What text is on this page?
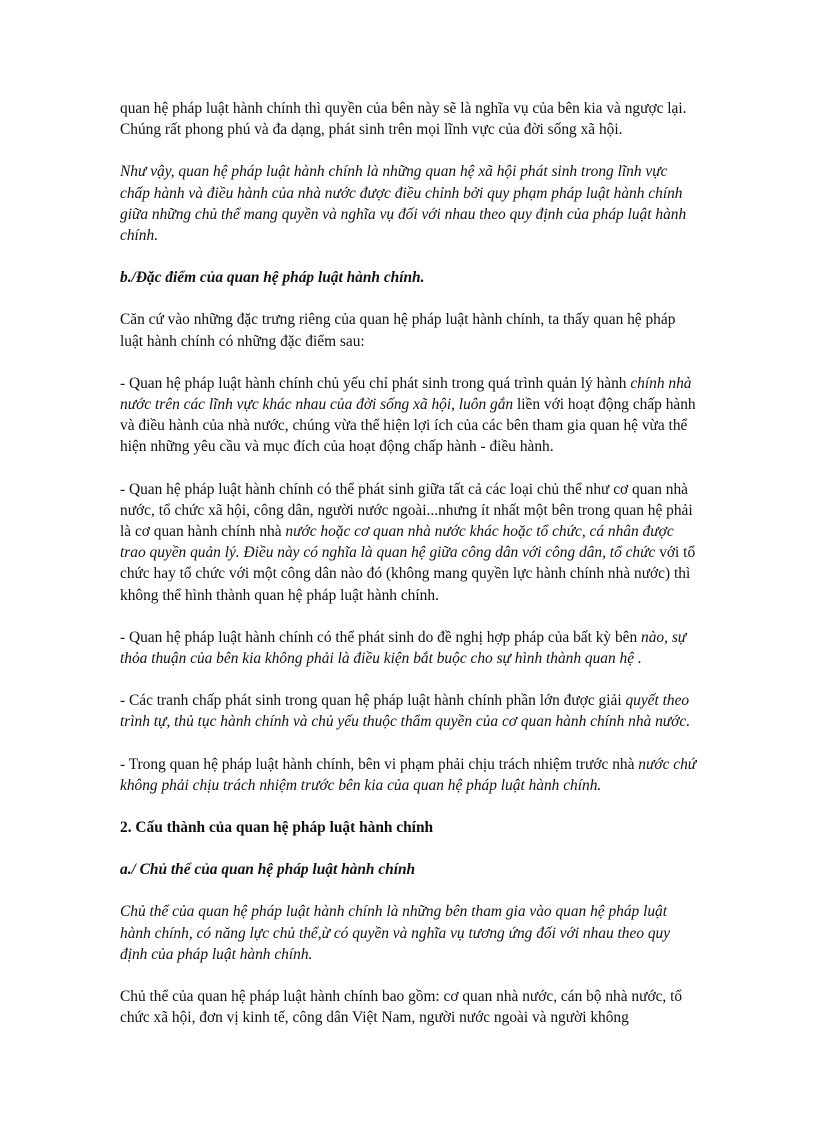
quan hệ pháp luật hành chính thì quyền của bên này sẽ là nghĩa vụ của bên kia và ngược lại. Chúng rất phong phú và đa dạng, phát sinh trên mọi lĩnh vực của đời sống xã hội.

Như vậy, quan hệ pháp luật hành chính là những quan hệ xã hội phát sinh trong lĩnh vực chấp hành và điều hành của nhà nước được điều chỉnh bởi quy phạm pháp luật hành chính giữa những chủ thể mang quyền và nghĩa vụ đối với nhau theo quy định của pháp luật hành chính.

b./Đặc điểm của quan hệ pháp luật hành chính.

Căn cứ vào những đặc trưng riêng của quan hệ pháp luật hành chính, ta thấy quan hệ pháp luật hành chính có những đặc điểm sau:

- Quan hệ pháp luật hành chính chủ yếu chỉ phát sinh trong quá trình quản lý hành chính nhà nước trên các lĩnh vực khác nhau của đời sống xã hội, luôn gắn liền với hoạt động chấp hành và điều hành của nhà nước, chúng vừa thể hiện lợi ích của các bên tham gia quan hệ vừa thể hiện những yêu cầu và mục đích của hoạt động chấp hành - điều hành.

- Quan hệ pháp luật hành chính có thể phát sinh giữa tất cả các loại chủ thể như cơ quan nhà nước, tổ chức xã hội, công dân, người nước ngoài...nhưng ít nhất một bên trong quan hệ phải là cơ quan hành chính nhà nước hoặc cơ quan nhà nước khác hoặc tổ chức, cá nhân được trao quyền quản lý. Điều này có nghĩa là quan hệ giữa công dân với công dân, tổ chức với tổ chức hay tổ chức với một công dân nào đó (không mang quyền lực hành chính nhà nước) thì không thể hình thành quan hệ pháp luật hành chính.

- Quan hệ pháp luật hành chính có thể phát sinh do đề nghị hợp pháp của bất kỳ bên nào, sự thỏa thuận của bên kia không phải là điều kiện bắt buộc cho sự hình thành quan hệ .

- Các tranh chấp phát sinh trong quan hệ pháp luật hành chính phần lớn được giải quyết theo trình tự, thủ tục hành chính và chủ yếu thuộc thẩm quyền của cơ quan hành chính nhà nước.

- Trong quan hệ pháp luật hành chính, bên vi phạm phải chịu trách nhiệm trước nhà nước chứ không phải chịu trách nhiệm trước bên kia của quan hệ pháp luật hành chính.

2. Cấu thành của quan hệ pháp luật hành chính

a./ Chủ thể của quan hệ pháp luật hành chính

Chủ thể của quan hệ pháp luật hành chính là những bên tham gia vào quan hệ pháp luật hành chính, có năng lực chủ thể,ừ có quyền và nghĩa vụ tương ứng đối với nhau theo quy định của pháp luật hành chính.

Chủ thể của quan hệ pháp luật hành chính bao gồm: cơ quan nhà nước, cán bộ nhà nước, tổ chức xã hội, đơn vị kinh tế, công dân Việt Nam, người nước ngoài và người không
